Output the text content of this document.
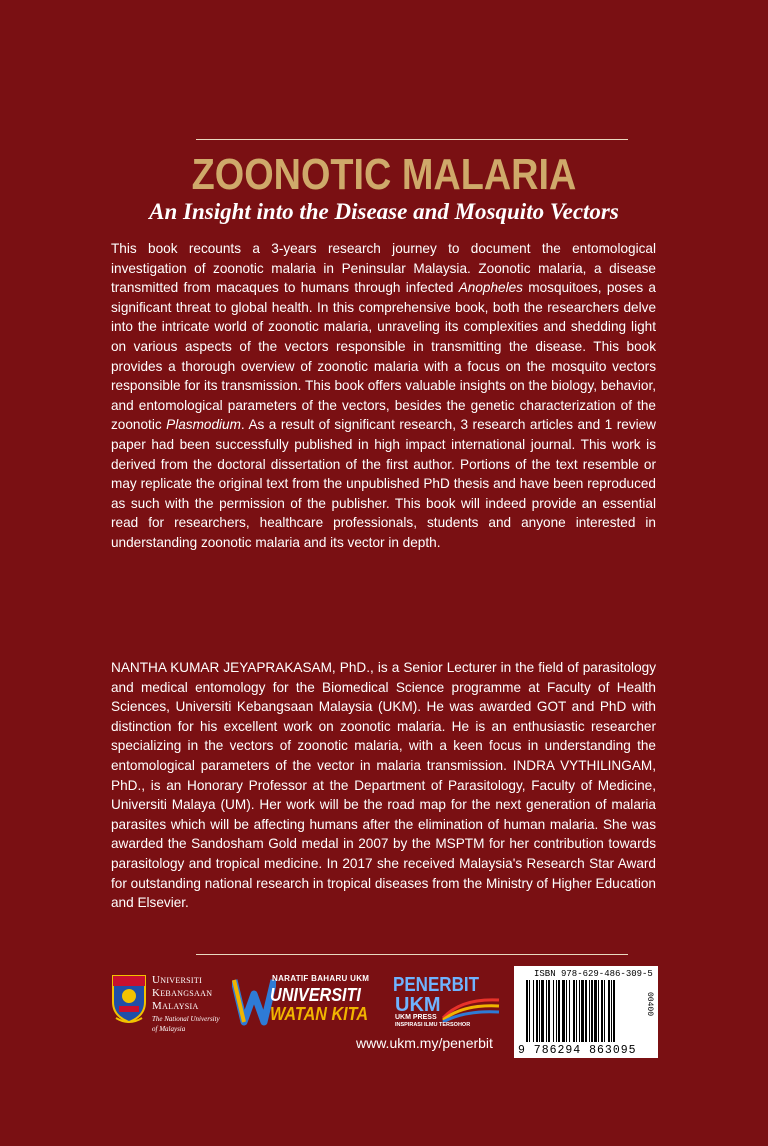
ZOONOTIC MALARIA
An Insight into the Disease and Mosquito Vectors

This book recounts a 3-years research journey to document the entomological investigation of zoonotic malaria in Peninsular Malaysia. Zoonotic malaria, a disease transmitted from macaques to humans through infected Anopheles mosquitoes, poses a significant threat to global health. In this comprehensive book, both the researchers delve into the intricate world of zoonotic malaria, unraveling its complexities and shedding light on various aspects of the vectors responsible in transmitting the disease. This book provides a thorough overview of zoonotic malaria with a focus on the mosquito vectors responsible for its transmission. This book offers valuable insights on the biology, behavior, and entomological parameters of the vectors, besides the genetic characterization of the zoonotic Plasmodium. As a result of significant research, 3 research articles and 1 review paper had been successfully published in high impact international journal. This work is derived from the doctoral dissertation of the first author. Portions of the text resemble or may replicate the original text from the unpublished PhD thesis and have been reproduced as such with the permission of the publisher. This book will indeed provide an essential read for researchers, healthcare professionals, students and anyone interested in understanding zoonotic malaria and its vector in depth.

NANTHA KUMAR JEYAPRAKASAM, PhD., is a Senior Lecturer in the field of parasitology and medical entomology for the Biomedical Science programme at Faculty of Health Sciences, Universiti Kebangsaan Malaysia (UKM). He was awarded GOT and PhD with distinction for his excellent work on zoonotic malaria. He is an enthusiastic researcher specializing in the vectors of zoonotic malaria, with a keen focus in understanding the entomological parameters of the vector in malaria transmission. INDRA VYTHILINGAM, PhD., is an Honorary Professor at the Department of Parasitology, Faculty of Medicine, Universiti Malaya (UM). Her work will be the road map for the next generation of malaria parasites which will be affecting humans after the elimination of human malaria. She was awarded the Sandosham Gold medal in 2007 by the MSPTM for her contribution towards parasitology and tropical medicine. In 2017 she received Malaysia's Research Star Award for outstanding national research in tropical diseases from the Ministry of Higher Education and Elsevier.

Universiti
Kebangsaan
Malaysia
The National University
of Malaysia
NARATIF BAHARU UKM
UNIVERSITI
WATAN KITA
PENERBIT
UKM
UKM PRESS
INSPIRASI ILMU TERSOHOR
www.ukm.my/penerbit
ISBN 978-629-486-309-5
9 786294 863095
00400
